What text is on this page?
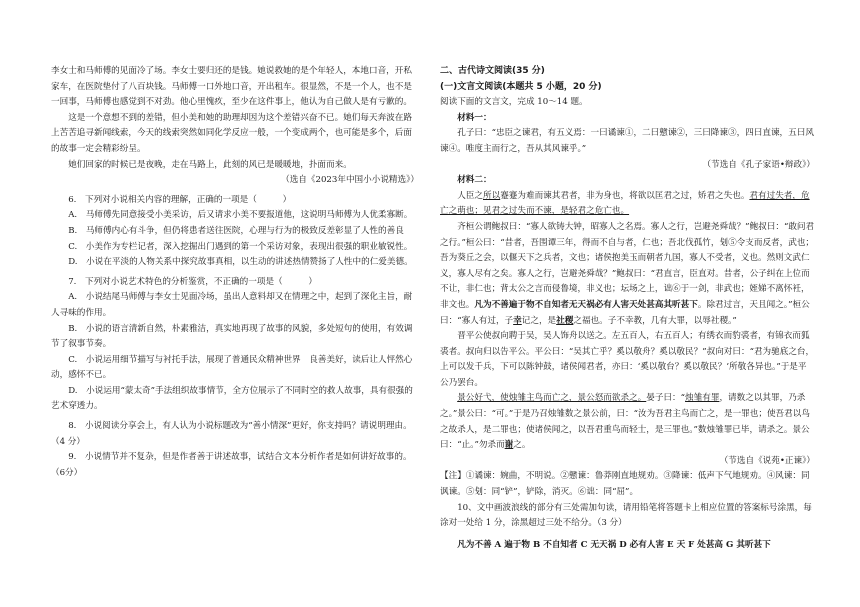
李女士和马师傅的见面冷了场。李女士要归还的是钱。她说救她的是个年轻人，本地口音，开私家车，在医院垫付了八百块钱。马师傅一口外地口音，开出租车。很显然，不是一个人，也不是一回事，马师傅也感觉到不对劲。他心里愧疚，至少在这件事上，他认为自己做人是有亏歉的。

这是一个意想不到的差错，但小美和她的助理却因为这个差错兴奋不已。她们每天奔波在路上苦苦追寻新闻线索，今天的线索突然如同化学反应一般，一个变成两个，也可能是多个，后面的故事一定会精彩纷呈。

她们回家的时候已是夜晚，走在马路上，此刻的风已是暖暖地，扑面而来。

（选自《2023年中国小小说精选》）

6.　下列对小说相关内容的理解，正确的一项是（　　　）

A.　马师傅先同意接受小美采访，后又请求小美不要报道他，这说明马师傅为人优柔寡断。

B.　马师傅内心有斗争，但仍将患者送往医院，心理与行为的极致反差彰显了人性的善良

C.　小美作为专栏记者，深入挖掘出门遇到的第一个采访对象，表现出很强的职业敏锐性。

D.　小说在平淡的人物关系中探究故事真相，以生动的讲述热情赞扬了人性中的仁爱美德。

7.　下列对小说艺术特色的分析鉴赏，不正确的一项是（　　　）

A.　小说结尾马师傅与李女士见面冷场，虽出人意料却又在情理之中，起到了深化主旨，耐人寻味的作用。

B.　小说的语言清新自然，朴素雅洁，真实地再现了故事的风貌，多处短句的使用，有效调节了叙事节奏。

C.　小说运用细节描写与衬托手法，展现了普通民众精神世界　良善美好，读后让人怦然心动，感怀不已。

D.　小说运用“蒙太奇”手法组织故事情节，全方位展示了不同时空的救人故事，具有很强的艺术穿透力。

8.　小说阅读分享会上，有人认为小说标题改为“善小情深”更好，你支持吗？请说明理由。（4 分）

9.　小说情节并不复杂，但是作者善于讲述故事，试结合文本分析作者是如何讲好故事的。（6分）

二、古代诗文阅读(35 分)

(一)文言文阅读(本题共 5 小题，20 分)

阅读下面的文言文，完成 10～14 题。

材料一：

孔子曰：“忠臣之谏君，有五义焉：一曰谲谏①，二曰戆谏②，三曰降谏③，四曰直谏，五曰风谏④。唯度主而行之，吾从其风谏乎。”

（节选自《孔子家语•辩政》）

材料二：

人臣之所以蹇蹇为难而谏其君者，非为身也，将欲以匡君之过，矫君之失也。君有过失者，危亡之萌也；见君之过失而不谏，是轻君之危亡也。

齐桓公谓鲍叔曰：“寡人欲铸大钟，昭寡人之名焉。寡人之行，岂避尧舜哉？”鲍叔曰：“敢问君之行。”桓公曰：“昔者，吾围谭三年，得而不自与者，仁也；吾北伐孤竹，刬⑤令支而反者，武也；吾为葵丘之会，以偃天下之兵者，文也；诸侯抱美玉而朝者九国，寡人不受者，义也。然则文武仁义，寡人尽有之矣。寡人之行，岂避尧舜哉？”鲍叔曰：“君直言，臣直对。昔者，公子纠在上位而不让，非仁也；背太公之言而侵鲁境，非义也；坛场之上，诎⑥于一剑，非武也；姪娣不离怀衽，非文也。凡为不善遍于物不自知者无天祸必有人害天处甚高其听甚下。除君过言，天且闻之。”桓公曰：“寡人有过，子幸记之，是社稷之福也。子不幸教，几有大罪，以辱社稷。”

晋平公使叔向聘于吴，吴人饰舟以送之。左五百人，右五百人；有绣衣而豹裘者，有锦衣而狐裘者。叔向归以告平公。平公曰：“吴其亡乎？奚以敬舟？奚以敬民？”叔向对曰：“君为驰底之台，上可以发千兵，下可以陈钟鼓，诸侯闻君者，亦曰：‘奚以敬台？奚以敬民？’所敬各异也。”于是平公乃罢台。

景公好弋，使烛雏主鸟而亡之，景公怒而欲杀之。晏子曰：“烛雏有罪，请数之以其罪，乃杀之。”景公曰：“可。”于是乃召烛雏数之景公前，曰：“汝为吾君主鸟而亡之，是一罪也；使吾君以鸟之故杀人，是二罪也；使诸侯闻之，以吾君重鸟而轻士，是三罪也。”数烛雏罪已毕，请杀之。景公曰：“止。”勿杀而谢之。

（节选自《说苑•正谏》）

【注】①谲谏：婉曲，不明说。②戆谏：鲁莽刚直地规劝。③降谏：低声下气地规劝。④风谏：同讽谏。⑤刬：同“铲”，铲除，消灭。⑥诎：同“屈”。

10、文中画波浪线的部分有三处需加句读，请用铅笔将答题卡上相应位置的答案标号涂黑，每涂对一处给 1 分，涂黑超过三处不给分。（3 分）

凡为不善 A 遍于物 B 不自知者 C 无天祸 D 必有人害 E 天 F 处甚高 G 其听甚下
